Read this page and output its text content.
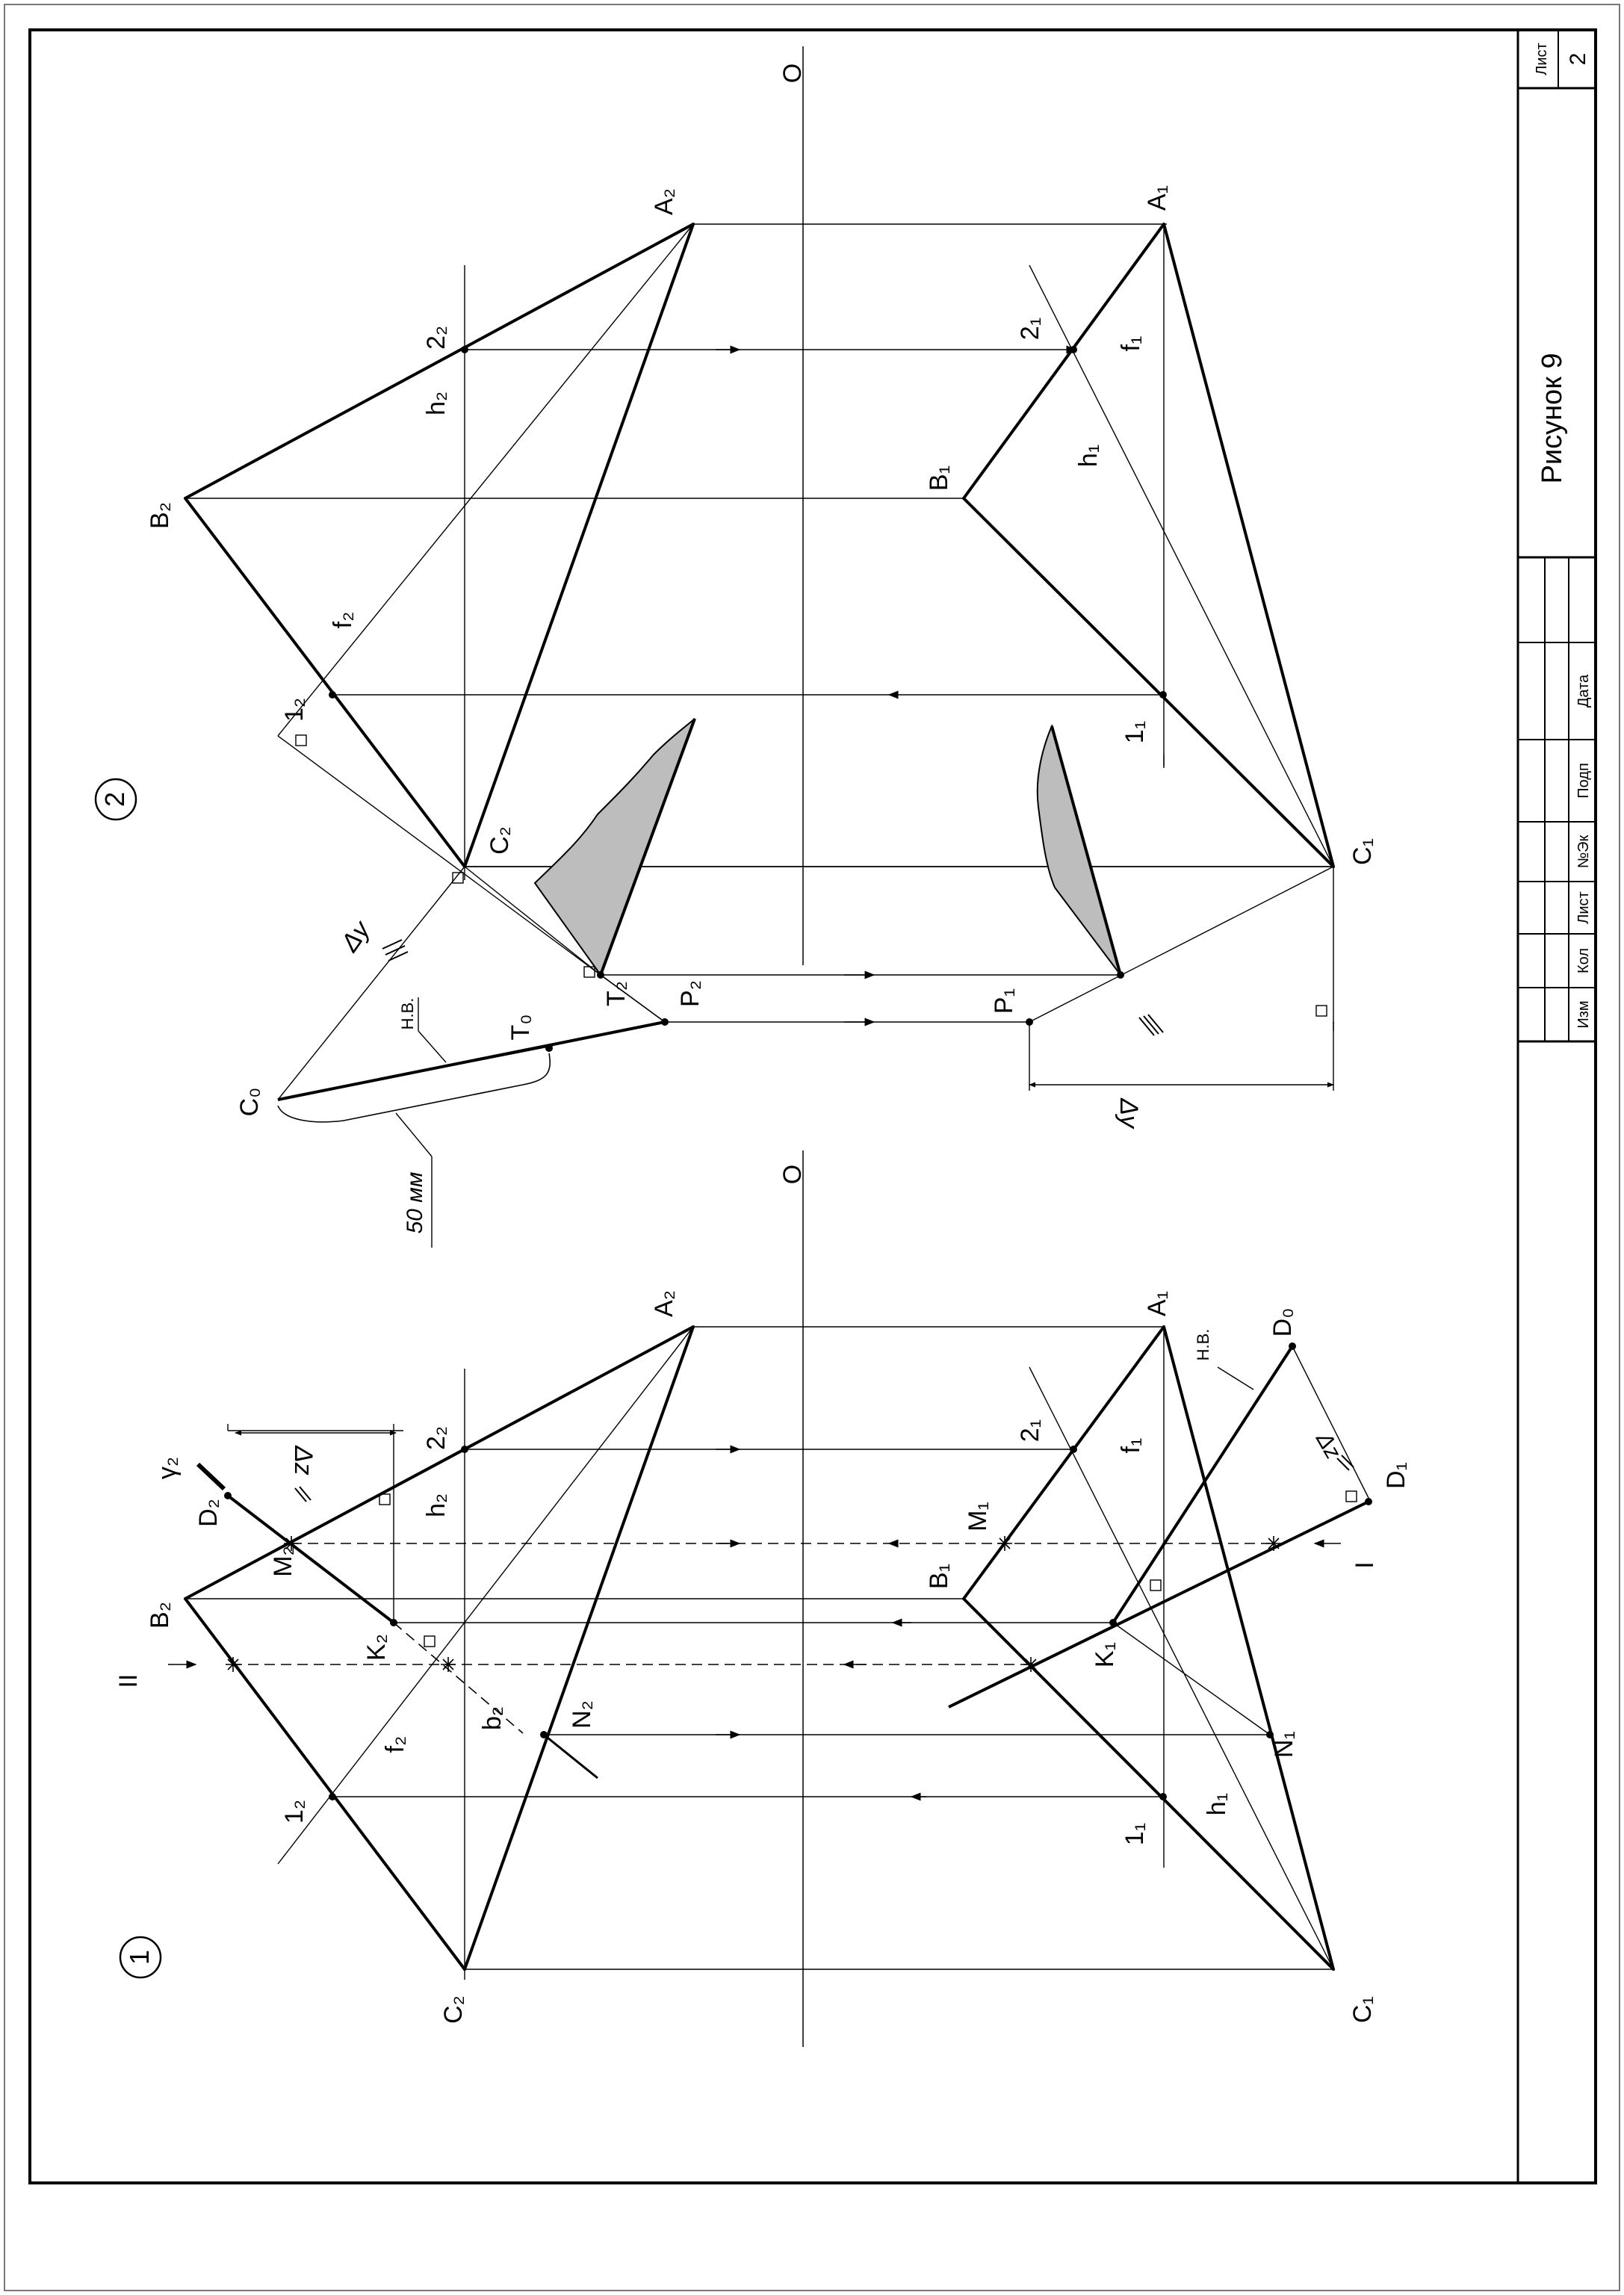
Лист 2
Рисунок 9
Изм
Кол
Лист
№Эк
Подп
Дата
O
2
Δy
50 мм
Н.В.
A₂
2₂
h₂
B₂
f₂
1₂
C₂
T₂ P₂
T₀
C₀
Δy
A₁
2₁
f₁
B₁
h₁
1₁
C₁
P₁
O
1
Δz	Δz
A₂
2₂
h₂
γ₂
D₂
M₂
B₂
II
K₂
b₂ N₂
f₂
1₂
C₂
A₁
D₀
Н.В.
2₁
f₁
D₁
M₁
I
B₁
K₁
N₁
h₁
1₁
C₁
